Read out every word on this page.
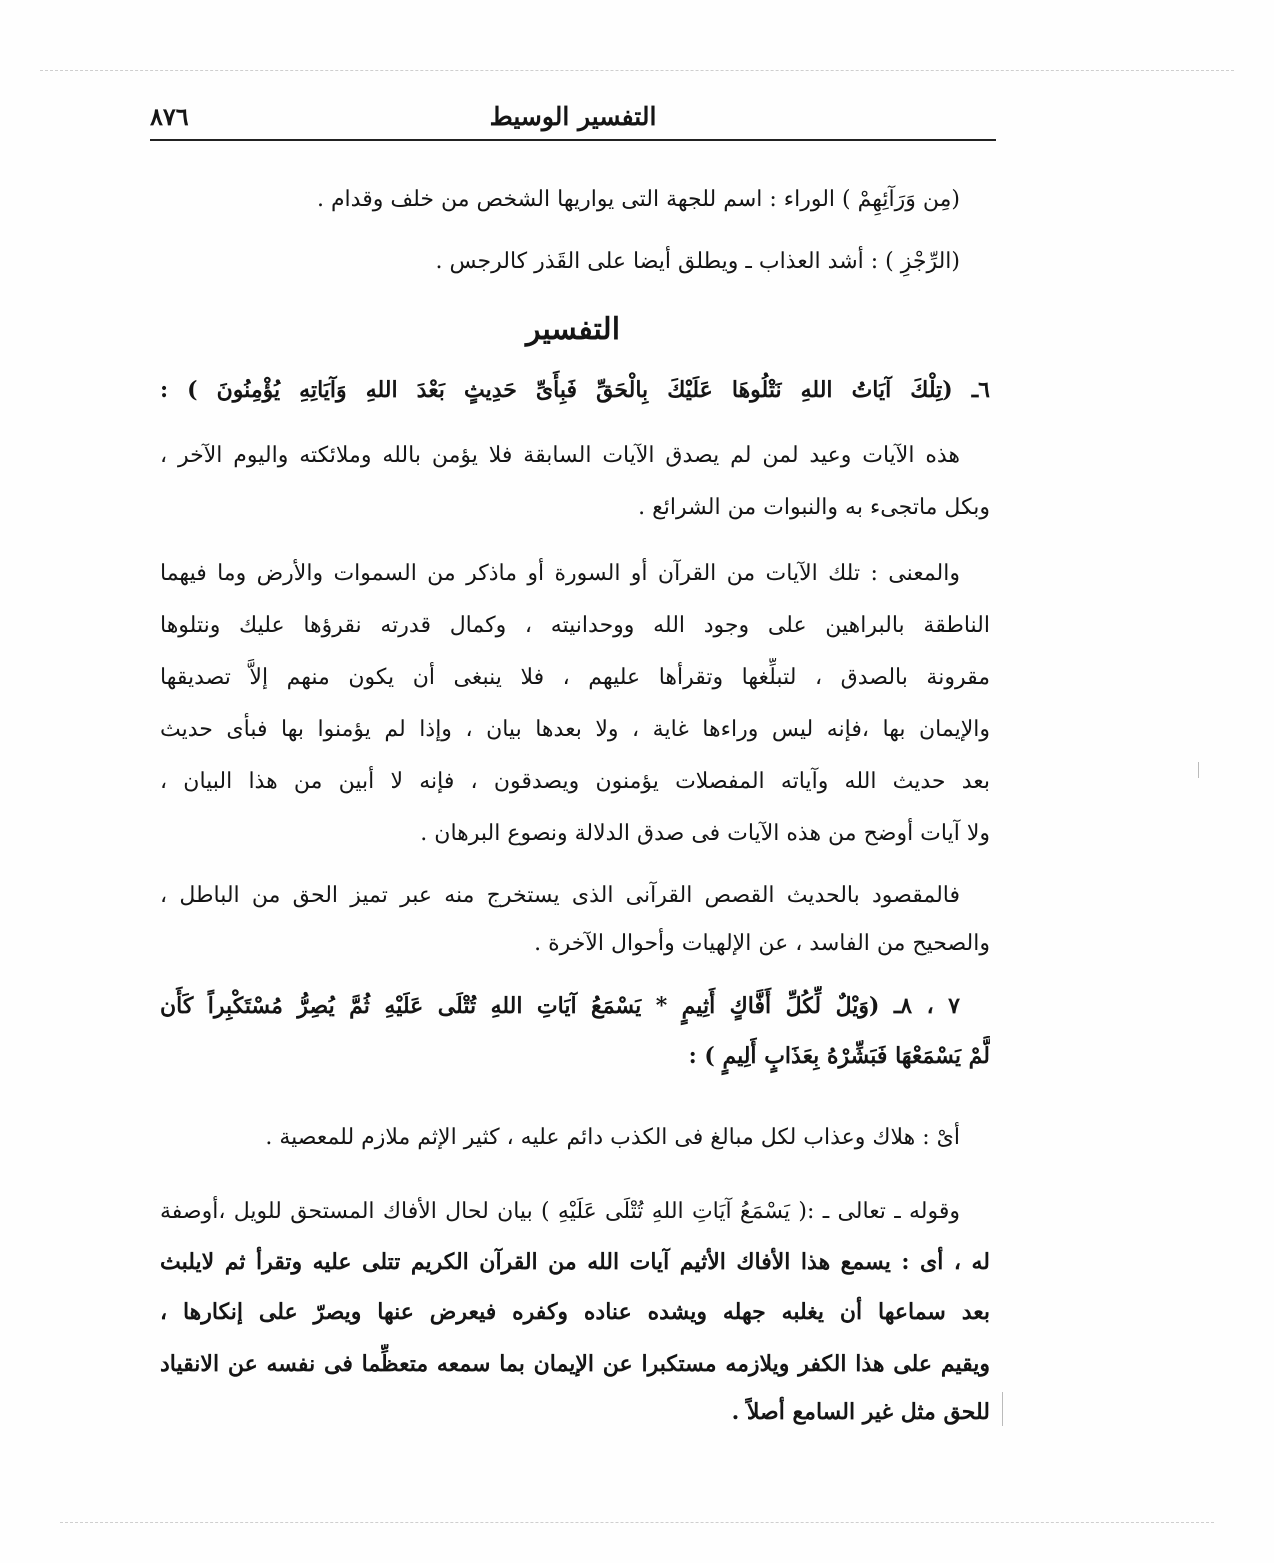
التفسير الوسيط
٨٧٦
(مِن وَرَآئِهِمْ ) الوراء : اسم للجهة التى يواريها الشخص من خلف وقدام .
(الرِّجْزِ ) : أشد العذاب ـ ويطلق أيضا على القَذر كالرجس .
التفسير
٦ـ (تِلْكَ آيَاتُ اللهِ نَتْلُوهَا عَلَيْكَ بِالْحَقِّ فَبِأَىِّ حَدِيثٍ بَعْدَ اللهِ وَآيَاتِهِ يُؤْمِنُونَ ) :
هذه الآيات وعيد لمن لم يصدق الآيات السابقة فلا يؤمن بالله وملائكته واليوم الآخر ،
وبكل ماتجىء به والنبوات من الشرائع .
والمعنى : تلك الآيات من القرآن أو السورة أو ماذكر من السموات والأرض وما فيهما
الناطقة بالبراهين على وجود الله ووحدانيته ، وكمال قدرته نقرؤها عليك ونتلوها
مقرونة بالصدق ، لتبلِّغها وتقرأها عليهم ، فلا ينبغى أن يكون منهم إلاَّ تصديقها
والإيمان بها ،فإنه ليس وراءها غاية ، ولا بعدها بيان ، وإذا لم يؤمنوا بها فبأى حديث
بعد حديث الله وآياته المفصلات يؤمنون ويصدقون ، فإنه لا أبين من هذا البيان ،
ولا آيات أوضح من هذه الآيات فى صدق الدلالة ونصوع البرهان .
فالمقصود بالحديث القصص القرآنى الذى يستخرج منه عبر تميز الحق من الباطل ،
والصحيح من الفاسد ، عن الإلهيات وأحوال الآخرة .
٧ ، ٨ـ (وَيْلٌ لِّكُلِّ أَفَّاكٍ أَثِيمٍ * يَسْمَعُ آيَاتِ اللهِ تُتْلَى عَلَيْهِ ثُمَّ يُصِرُّ مُسْتَكْبِراً كَأَن
لَّمْ يَسْمَعْهَا فَبَشِّرْهُ بِعَذَابٍ أَلِيمٍ ) :
أىْ : هلاك وعذاب لكل مبالغ فى الكذب دائم عليه ، كثير الإثم ملازم للمعصية .
وقوله ـ تعالى ـ :( يَسْمَعُ آيَاتِ اللهِ تُتْلَى عَلَيْهِ ) بيان لحال الأفاك المستحق للويل ،أوصفة
له ، أى : يسمع هذا الأفاك الأثيم آيات الله من القرآن الكريم تتلى عليه وتقرأ ثم لايلبث
بعد سماعها أن يغلبه جهله ويشده عناده وكفره فيعرض عنها ويصرّ على إنكارها ،
ويقيم على هذا الكفر ويلازمه مستكبرا عن الإيمان بما سمعه متعظِّما فى نفسه عن الانقياد
للحق مثل غير السامع أصلاً .
